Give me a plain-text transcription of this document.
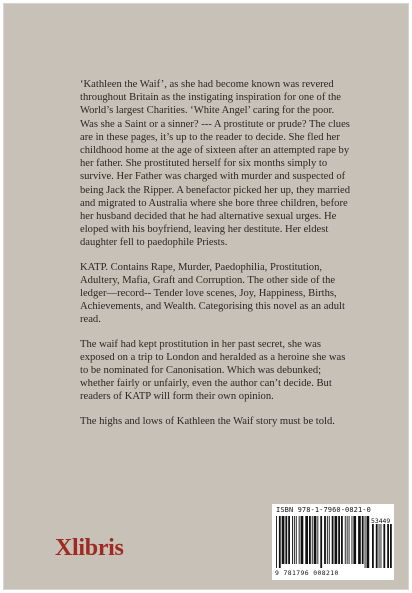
‘Kathleen the Waif’, as she had become known was revered throughout Britain as the instigating inspiration for one of the World’s largest Charities. ‘White Angel’ caring for the poor. Was she a Saint or a sinner? --- A prostitute or prude? The clues are in these pages, it’s up to the reader to decide. She fled her childhood home at the age of sixteen after an attempted rape by her father. She prostituted herself for six months simply to survive. Her Father was charged with murder and suspected of being Jack the Ripper. A benefactor picked her up, they married and migrated to Australia where she bore three children, before her husband decided that he had alternative sexual urges. He eloped with his boyfriend, leaving her destitute. Her eldest daughter fell to paedophile Priests.

KATP. Contains Rape, Murder, Paedophilia, Prostitution, Adultery, Mafia, Graft and Corruption. The other side of the ledger—record-- Tender love scenes, Joy, Happiness, Births, Achievements, and Wealth. Categorising this novel as an adult read.

The waif had kept prostitution in her past secret, she was exposed on a trip to London and heralded as a heroine she was to be nominated for Canonisation. Which was debunked; whether fairly or unfairly, even the author can’t decide. But readers of KATP will form their own opinion.

The highs and lows of Kathleen the Waif story must be told.

Xlibris
ISBN 978-1-7960-0821-0
9 781796 008210
53449
